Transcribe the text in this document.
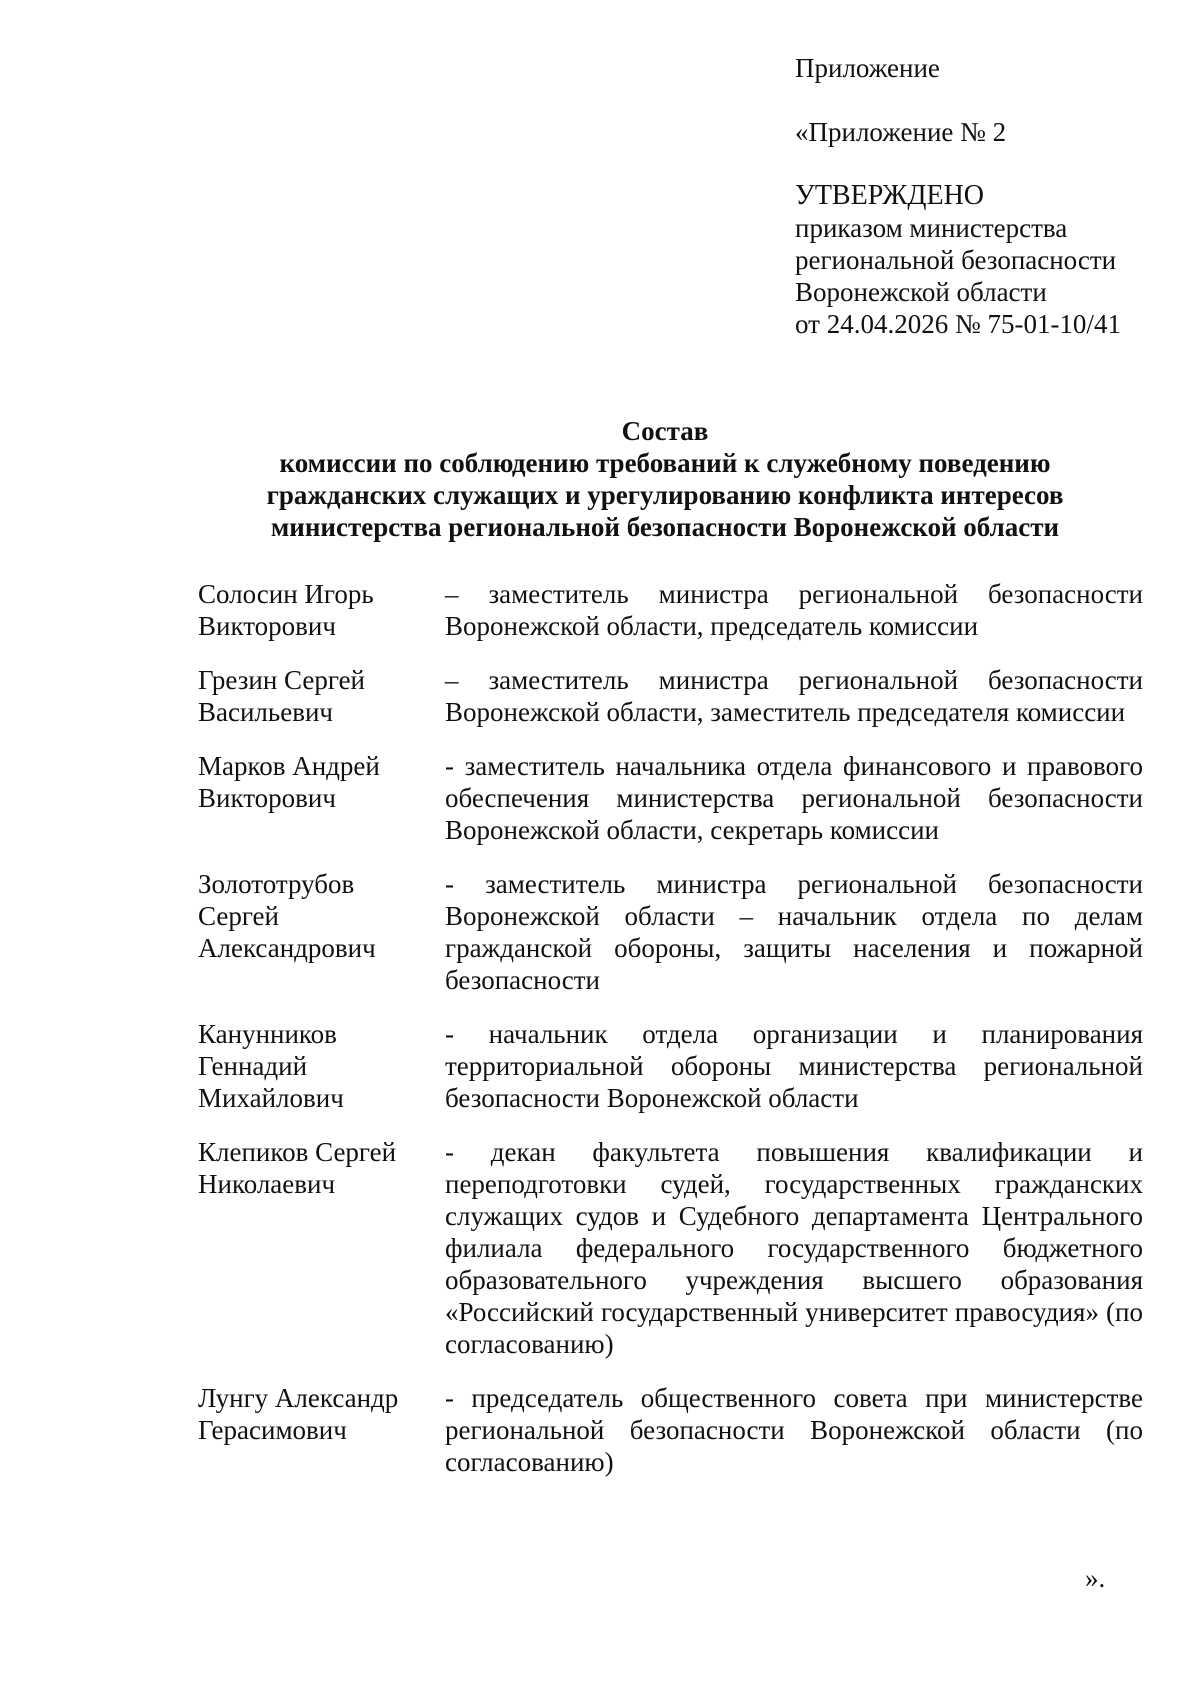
Приложение
«Приложение № 2
УТВЕРЖДЕНО
приказом министерства
региональной безопасности
Воронежской области
от 24.04.2026 № 75-01-10/41
Состав
комиссии по соблюдению требований к служебному поведению
гражданских служащих и урегулированию конфликта интересов
министерства региональной безопасности Воронежской области
Солосин Игорь
Викторович
– заместитель министра региональной безопасности Воронежской области, председатель комиссии
Грезин Сергей
Васильевич
– заместитель министра региональной безопасности Воронежской области, заместитель председателя комиссии
Марков Андрей
Викторович
- заместитель начальника отдела финансового и правового обеспечения министерства региональной безопасности Воронежской области, секретарь комиссии
Золототрубов
Сергей
Александрович
- заместитель министра региональной безопасности Воронежской области – начальник отдела по делам гражданской обороны, защиты населения и пожарной безопасности
Канунников
Геннадий
Михайлович
- начальник отдела организации и планирования территориальной обороны министерства региональной безопасности Воронежской области
Клепиков Сергей
Николаевич
- декан факультета повышения квалификации и переподготовки судей, государственных гражданских служащих судов и Судебного департамента Центрального филиала федерального государственного бюджетного образовательного учреждения высшего образования «Российский государственный университет правосудия» (по согласованию)
Лунгу Александр
Герасимович
- председатель общественного совета при министерстве региональной безопасности Воронежской области (по согласованию)
».
